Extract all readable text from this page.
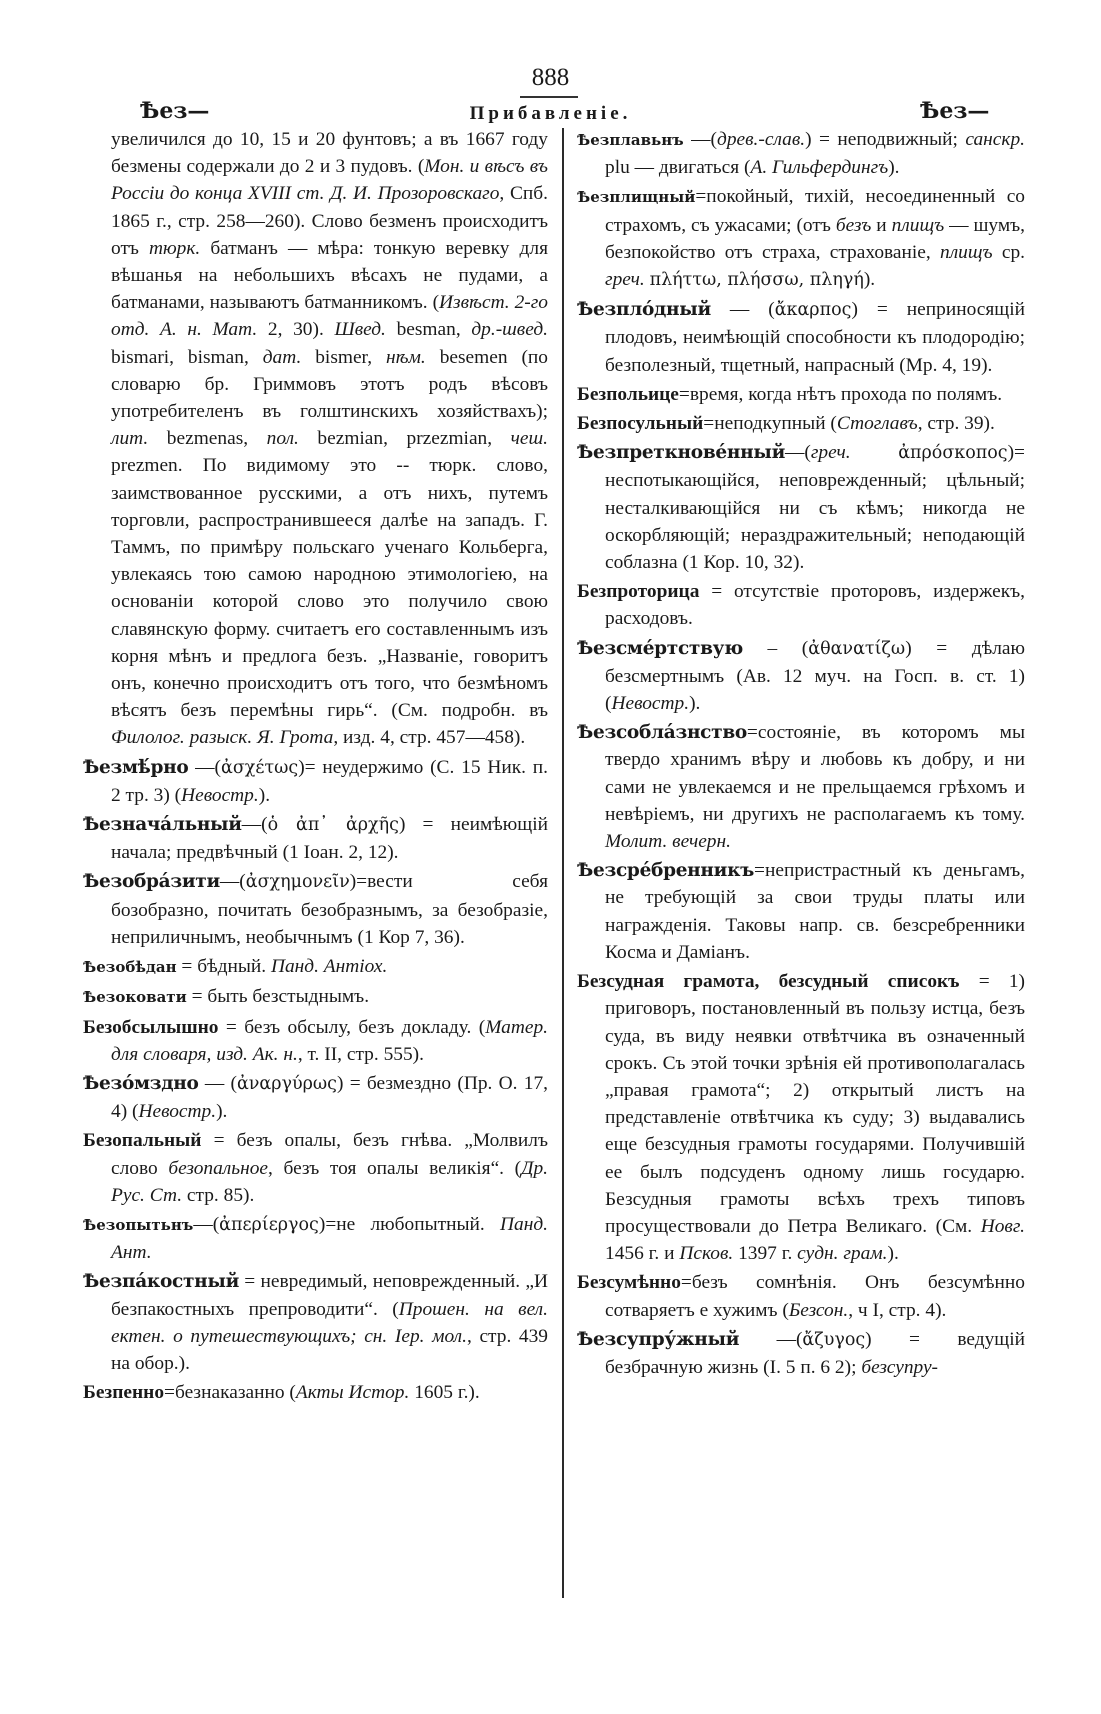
888
Ѣез—	Прибавленіе.	Ѣез—

увеличился до 10, 15 и 20 фунтовъ; а въ 1667 году безмены содержали до 2 и 3 пудовъ. (Мон. и вѣсъ въ Россіи до конца XVIII ст. Д. И. Прозоровскаго, Спб. 1865 г., стр. 258—260). Слово безменъ происходитъ отъ тюрк. батманъ — мѣра: тонкую веревку для вѣшанья на небольшихъ вѣсахъ не пудами, а батманами, называютъ батманникомъ. (Извѣст. 2-го отд. А. н. Мат. 2, 30). Швед. besman, др.-швед. bismari, bisman, дат. bismer, нѣм. besemen (по словарю бр. Гриммовъ этотъ родъ вѣсовъ употребителенъ въ голштинскихъ хозяйствахъ); лит. bezmenas, пол. bezmian, przezmian, чеш. prezmen. По видимому это -- тюрк. слово, заимствованное русскими, а отъ нихъ, путемъ торговли, распространившееся далѣе на западъ. Г. Таммъ, по примѣру польскаго ученаго Кольберга, увлекаясь тою самою народною этимологіею, на основаніи которой слово это получило свою славянскую форму. считаетъ его составленнымъ изъ корня мѣнъ и предлога безъ. „Названіе, говоритъ онъ, конечно происходитъ отъ того, что безмѣномъ вѣсятъ безъ перемѣны гирь“. (См. подробн. въ Филолог. разыск. Я. Грота, изд. 4, стр. 457—458).

Ѣезмѣ́рно —(ἀσχέτως)= неудержимо (С. 15 Ник. п. 2 тр. 3) (Невостр.).

Ѣезнача́льный—(ὁ ἀπ᾽ ἀρχῆς) = неимѣющій начала; предвѣчный (1 Іоан. 2, 12).

Ѣезобра́зити—(ἀσχημονεῖν)=вести себя бозобразно, почитать безобразнымъ, за безобразіе, неприличнымъ, необычнымъ (1 Кор 7, 36).

Ѣезобѣдан = бѣдный. Панд. Антіох.

Ѣезоковати = быть безстыднымъ.

Безобсылышно = безъ обсылу, безъ докладу. (Матер. для словаря, изд. Ак. н., т. II, стр. 555).

Ѣезо́мздно — (ἀναργύρως) = безмездно (Пр. О. 17, 4) (Невостр.).

Безопальный = безъ опалы, безъ гнѣва. „Молвилъ слово безопальное, безъ тоя опалы великія“. (Др. Рус. Ст. стр. 85).

Ѣезопытьнъ—(ἀπερίεργος)=не любопытный. Панд. Ант.

Ѣезпа́костный = невредимый, неповрежденный. „И безпакостныхъ препроводити“. (Прошен. на вел. ектен. о путешествующихъ; сн. Іер. мол., стр. 439 на обор.).

Безпенно=безнаказанно (Акты Истор. 1605 г.).

Ѣезплавьнъ —(древ.-слав.) = неподвижный; санскр. plu — двигаться (А. Гильфердингъ).

Ѣезплищный=покойный, тихій, несоединенный со страхомъ, съ ужасами; (отъ безъ и плищъ — шумъ, безпокойство отъ страха, страхованіе, плищъ ср. греч. πλήττω, πλήσσω, πληγή).

Ѣезпло́дный — (ἄκαρπος) = неприносящій плодовъ, неимѣющій способности къ плодородію; безполезный, тщетный, напрасный (Мр. 4, 19).

Безпольице=время, когда нѣтъ прохода по полямъ.

Безпосульный=неподкупный (Стоглавъ, стр. 39).

Ѣезпреткнове́нный—(греч.	ἀπρόσκοπος)= неспотыкающійся, неповрежденный; цѣльный; несталкивающійся ни съ кѣмъ; никогда не оскорбляющій; нераздражительный; неподающій соблазна (1 Кор. 10, 32).

Безпроторица = отсутствіе проторовъ, издержекъ, расходовъ.

Ѣезсмéртствую – (ἀθανατίζω) = дѣлаю безсмертнымъ (Ав. 12 муч. на Госп. в. ст. 1) (Невостр.).

Ѣезсобла́знство=состояніе, въ которомъ мы твердо хранимъ вѣру и любовь къ добру, и ни сами не увлекаемся и не прельщаемся грѣхомъ и невѣріемъ, ни другихъ не располагаемъ къ тому. Молит. вечерн.

Ѣезсре́бренникъ=непристрастный къ деньгамъ, не требующій за свои труды платы или награжденія. Таковы напр. св. безсребренники Косма и Даміанъ.

Безсудная грамота, безсудный списокъ = 1) приговоръ, постановленный въ пользу истца, безъ суда, въ виду неявки отвѣтчика въ означенный срокъ. Съ этой точки зрѣнія ей противополагалась „правая грамота“; 2) открытый листъ на представленіе отвѣтчика къ суду; 3) выдавались еще безсудныя грамоты государями. Получившій ее былъ подсуденъ одному лишь государю. Безсудныя грамоты всѣхъ трехъ типовъ просуществовали до Петра Великаго. (См. Новг. 1456 г. и Псков. 1397 г. судн. грам.).

Безсумѣнно=безъ сомнѣнія. Онъ безсумѣнно сотваряетъ е хужимъ (Безсон., ч I, стр. 4).

Ѣезсупру́жный —(ἄζυγος) = ведущій безбрачную жизнь (І. 5 п. 6 2); безсупру-
